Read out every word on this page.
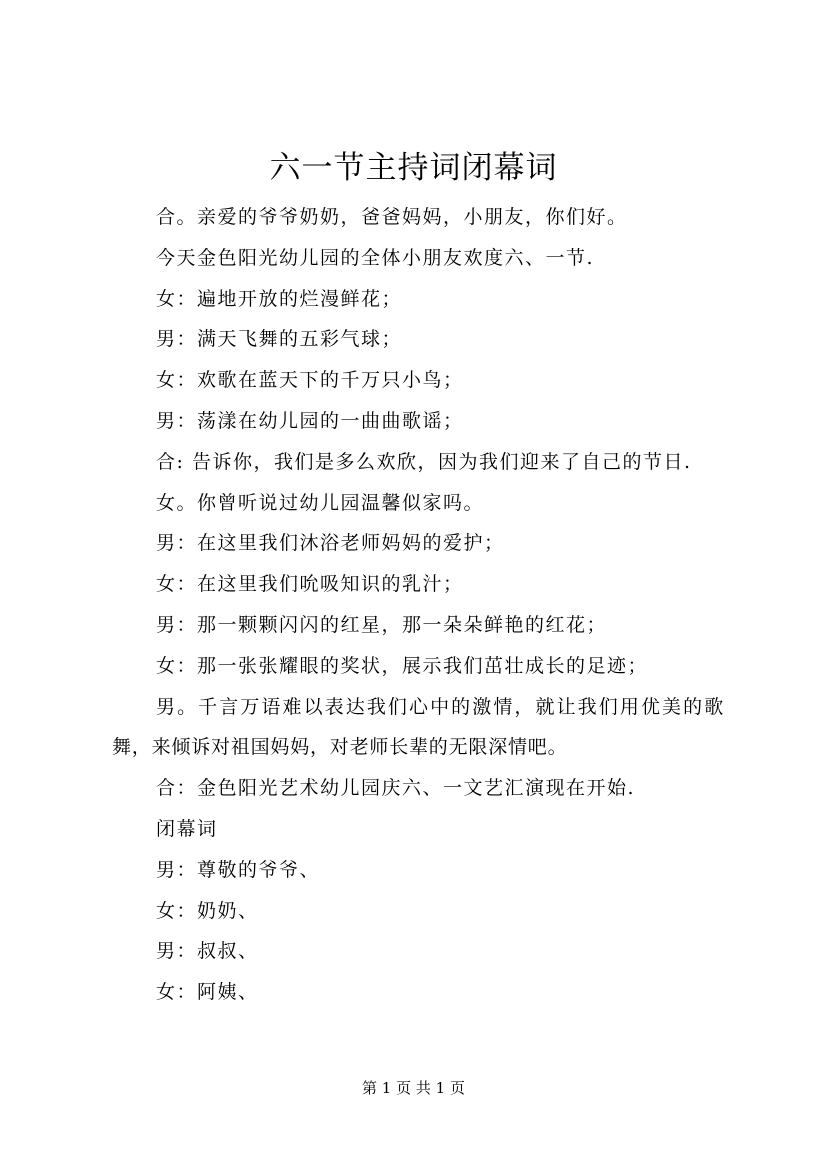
六一节主持词闭幕词

合。亲爱的爷爷奶奶，爸爸妈妈，小朋友，你们好。

今天金色阳光幼儿园的全体小朋友欢度六、一节.

女：遍地开放的烂漫鲜花；

男：满天飞舞的五彩气球；

女：欢歌在蓝天下的千万只小鸟；

男：荡漾在幼儿园的一曲曲歌谣；

合: 告诉你，我们是多么欢欣，因为我们迎来了自己的节日.

女。你曾听说过幼儿园温馨似家吗。

男：在这里我们沐浴老师妈妈的爱护；

女：在这里我们吮吸知识的乳汁；

男：那一颗颗闪闪的红星，那一朵朵鲜艳的红花；

女：那一张张耀眼的奖状，展示我们茁壮成长的足迹；

男。千言万语难以表达我们心中的激情，就让我们用优美的歌舞，来倾诉对祖国妈妈，对老师长辈的无限深情吧。

合：金色阳光艺术幼儿园庆六、一文艺汇演现在开始.

闭幕词

男：尊敬的爷爷、

女：奶奶、

男：叔叔、

女：阿姨、

第 1 页 共 1 页
